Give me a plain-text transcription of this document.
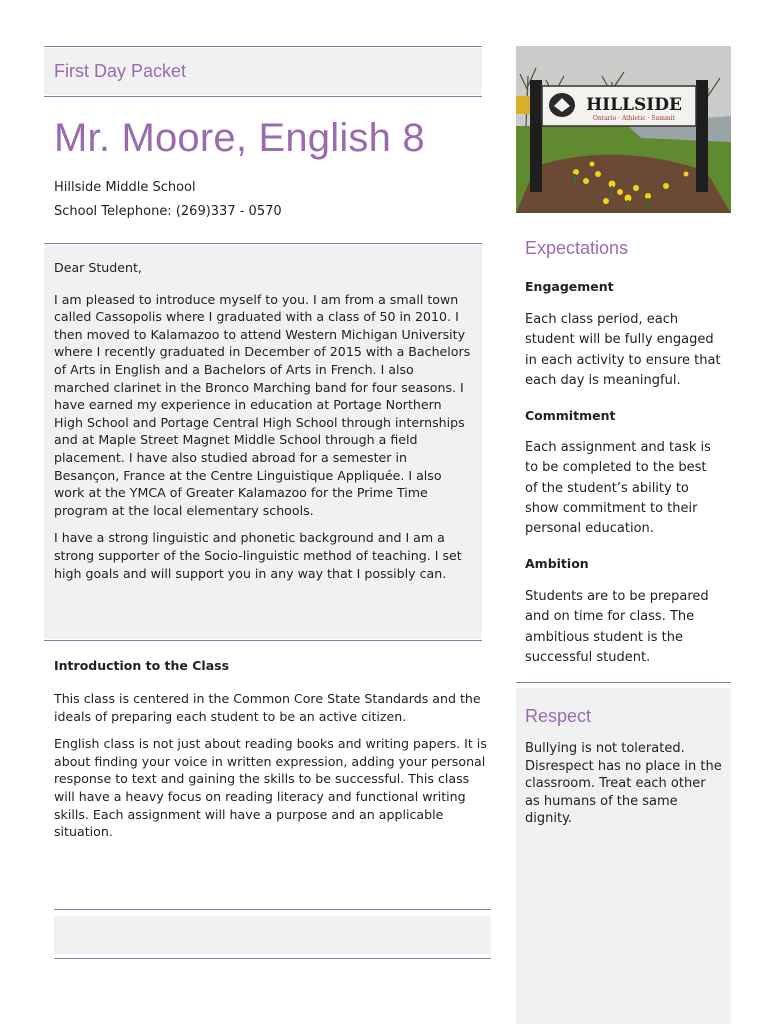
First Day Packet
Mr. Moore, English 8
Hillside Middle School
School Telephone: (269)337 - 0570

Dear Student,

I am pleased to introduce myself to you. I am from a small town called Cassopolis where I graduated with a class of 50 in 2010. I then moved to Kalamazoo to attend Western Michigan University where I recently graduated in December of 2015 with a Bachelors of Arts in English and a Bachelors of Arts in French. I also marched clarinet in the Bronco Marching band for four seasons. I have earned my experience in education at Portage Northern High School and Portage Central High School through internships and at Maple Street Magnet Middle School through a field placement. I have also studied abroad for a semester in Besançon, France at the Centre Linguistique Appliquée. I also work at the YMCA of Greater Kalamazoo for the Prime Time program at the local elementary schools.

I have a strong linguistic and phonetic background and I am a strong supporter of the Socio-linguistic method of teaching. I set high goals and will support you in any way that I possibly can.

Introduction to the Class

This class is centered in the Common Core State Standards and the ideals of preparing each student to be an active citizen.

English class is not just about reading books and writing papers. It is about finding your voice in written expression, adding your personal response to text and gaining the skills to be successful. This class will have a heavy focus on reading literacy and functional writing skills. Each assignment will have a purpose and an applicable situation.

HILLSIDE
Ontario · Athletic · Summit
Expectations
Engagement
Each class period, each student will be fully engaged in each activity to ensure that each day is meaningful.
Commitment
Each assignment and task is to be completed to the best of the student’s ability to show commitment to their personal education.
Ambition
Students are to be prepared and on time for class. The ambitious student is the successful student.
Respect
Bullying is not tolerated. Disrespect has no place in the classroom. Treat each other as humans of the same dignity.
